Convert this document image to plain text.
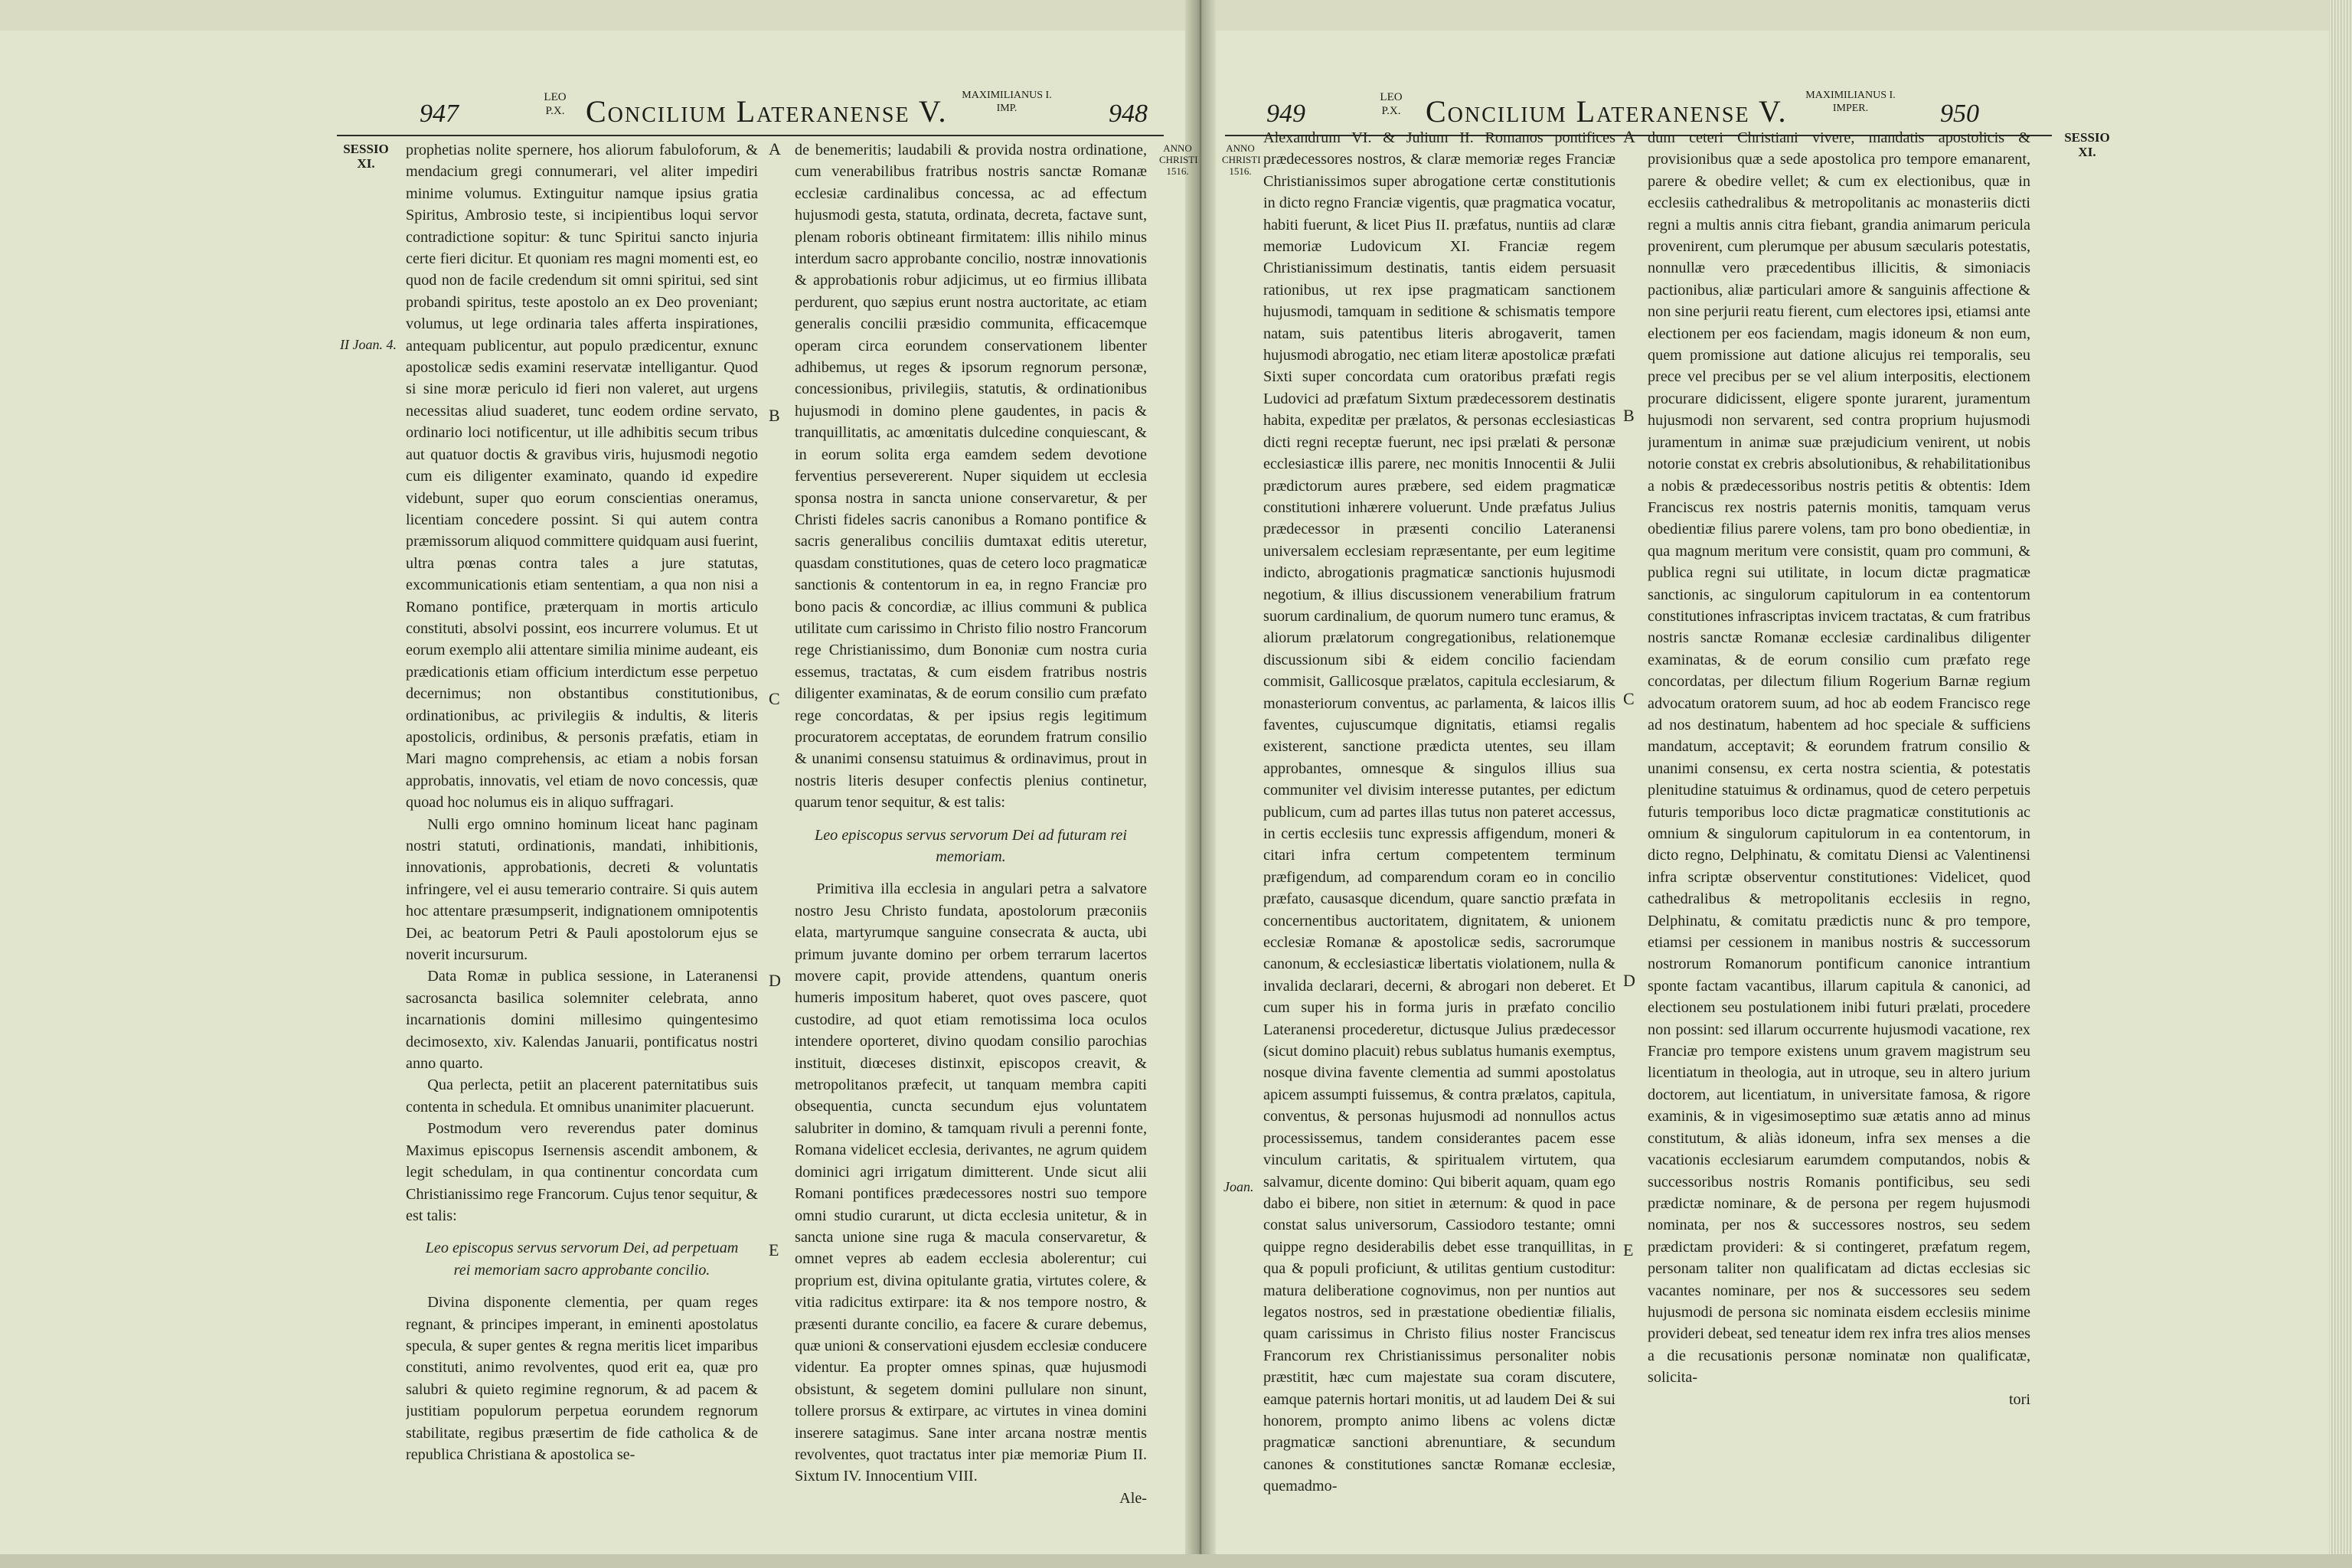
947
LEO
P.X. Concilium Lateranense V.	MAXIMILIANUS I.
IMP.	948
SESSIO
XI.
II Joan. 4.
ANNO
CHRISTI
1516.

prophetias nolite spernere, hos aliorum fabuloforum, & mendacium gregi connumerari, vel aliter impediri minime volumus. Extinguitur namque ipsius gratia Spiritus, Ambrosio teste, si incipientibus loqui servor contradictione sopitur: & tunc Spiritui sancto injuria certe fieri dicitur. Et quoniam res magni momenti est, eo quod non de facile credendum sit omni spiritui, sed sint probandi spiritus, teste apostolo an ex Deo proveniant; volumus, ut lege ordinaria tales afferta inspirationes, antequam publicentur, aut populo prædicentur, exnunc apostolicæ sedis examini reservatæ intelligantur. Quod si sine moræ periculo id fieri non valeret, aut urgens necessitas aliud suaderet, tunc eodem ordine servato, ordinario loci notificentur, ut ille adhibitis secum tribus aut quatuor doctis & gravibus viris, hujusmodi negotio cum eis diligenter examinato, quando id expedire videbunt, super quo eorum conscientias oneramus, licentiam concedere possint. Si qui autem contra præmissorum aliquod committere quidquam ausi fuerint, ultra pœnas contra tales a jure statutas, excommunicationis etiam sententiam, a qua non nisi a Romano pontifice, præterquam in mortis articulo constituti, absolvi possint, eos incurrere volumus. Et ut eorum exemplo alii attentare similia minime audeant, eis prædicationis etiam officium interdictum esse perpetuo decernimus; non obstantibus constitutionibus, ordinationibus, ac privilegiis & indultis, & literis apostolicis, ordinibus, & personis præfatis, etiam in Mari magno comprehensis, ac etiam a nobis forsan approbatis, innovatis, vel etiam de novo concessis, quæ quoad hoc nolumus eis in aliquo suffragari.

Nulli ergo omnino hominum liceat hanc paginam nostri statuti, ordinationis, mandati, inhibitionis, innovationis, approbationis, decreti & voluntatis infringere, vel ei ausu temerario contraire. Si quis autem hoc attentare præsumpserit, indignationem omnipotentis Dei, ac beatorum Petri & Pauli apostolorum ejus se noverit incursurum.

Data Romæ in publica sessione, in Lateranensi sacrosancta basilica solemniter celebrata, anno incarnationis domini millesimo quingentesimo decimosexto, xiv. Kalendas Januarii, pontificatus nostri anno quarto.

Qua perlecta, petiit an placerent paternitatibus suis contenta in schedula. Et omnibus unanimiter placuerunt.

Postmodum vero reverendus pater dominus Maximus episcopus Isernensis ascendit ambonem, & legit schedulam, in qua continentur concordata cum Christianissimo rege Francorum. Cujus tenor sequitur, & est talis:

Leo episcopus servus servorum Dei, ad perpetuam rei memoriam sacro approbante concilio.

Divina disponente clementia, per quam reges regnant, & principes imperant, in eminenti apostolatus specula, & super gentes & regna meritis licet imparibus constituti, animo revolventes, quod erit ea, quæ pro salubri & quieto regimine regnorum, & ad pacem & justitiam populorum perpetua eorundem regnorum stabilitate, regibus præsertim de fide catholica & de republica Christiana & apostolica se-

A
B
C
D
E

de benemeritis; laudabili & provida nostra ordinatione, cum venerabilibus fratribus nostris sanctæ Romanæ ecclesiæ cardinalibus concessa, ac ad effectum hujusmodi gesta, statuta, ordinata, decreta, factave sunt, plenam roboris obtineant firmitatem: illis nihilo minus interdum sacro approbante concilio, nostræ innovationis & approbationis robur adjicimus, ut eo firmius illibata perdurent, quo sæpius erunt nostra auctoritate, ac etiam generalis concilii præsidio communita, efficacemque operam circa eorundem conservationem libenter adhibemus, ut reges & ipsorum regnorum personæ, concessionibus, privilegiis, statutis, & ordinationibus hujusmodi in domino plene gaudentes, in pacis & tranquillitatis, ac amœnitatis dulcedine conquiescant, & in eorum solita erga eamdem sedem devotione ferventius persevererent. Nuper siquidem ut ecclesia sponsa nostra in sancta unione conservaretur, & per Christi fideles sacris canonibus a Romano pontifice & sacris generalibus conciliis dumtaxat editis uteretur, quasdam constitutiones, quas de cetero loco pragmaticæ sanctionis & contentorum in ea, in regno Franciæ pro bono pacis & concordiæ, ac illius communi & publica utilitate cum carissimo in Christo filio nostro Francorum rege Christianissimo, dum Bononiæ cum nostra curia essemus, tractatas, & cum eisdem fratribus nostris diligenter examinatas, & de eorum consilio cum præfato rege concordatas, & per ipsius regis legitimum procuratorem acceptatas, de eorundem fratrum consilio & unanimi consensu statuimus & ordinavimus, prout in nostris literis desuper confectis plenius continetur, quarum tenor sequitur, & est talis:

Leo episcopus servus servorum Dei ad futuram rei memoriam.

Primitiva illa ecclesia in angulari petra a salvatore nostro Jesu Christo fundata, apostolorum præconiis elata, martyrumque sanguine consecrata & aucta, ubi primum juvante domino per orbem terrarum lacertos movere capit, provide attendens, quantum oneris humeris impositum haberet, quot oves pascere, quot custodire, ad quot etiam remotissima loca oculos intendere oporteret, divino quodam consilio parochias instituit, diœceses distinxit, episcopos creavit, & metropolitanos præfecit, ut tanquam membra capiti obsequentia, cuncta secundum ejus voluntatem salubriter in domino, & tamquam rivuli a perenni fonte, Romana videlicet ecclesia, derivantes, ne agrum quidem dominici agri irrigatum dimitterent. Unde sicut alii Romani pontifices prædecessores nostri suo tempore omni studio curarunt, ut dicta ecclesia unitetur, & in sancta unione sine ruga & macula conservaretur, & omnet vepres ab eadem ecclesia abolerentur; cui proprium est, divina opitulante gratia, virtutes colere, & vitia radicitus extirpare: ita & nos tempore nostro, & præsenti durante concilio, ea facere & curare debemus, quæ unioni & conservationi ejusdem ecclesiæ conducere videntur. Ea propter omnes spinas, quæ hujusmodi obsistunt, & segetem domini pullulare non sinunt, tollere prorsus & extirpare, ac virtutes in vinea domini inserere satagimus. Sane inter arcana nostræ mentis revolventes, quot tractatus inter piæ memoriæ Pium II. Sixtum IV. Innocentium VIII.

Ale-

949
LEO
P.X. Concilium Lateranense V.	MAXIMILIANUS I.
IMPER.	950
ANNO
CHRISTI
1516.
Joan.
SESSIO
XI.

Alexandrum VI. & Julium II. Romanos pontifices prædecessores nostros, & claræ memoriæ reges Franciæ Christianissimos super abrogatione certæ constitutionis in dicto regno Franciæ vigentis, quæ pragmatica vocatur, habiti fuerunt, & licet Pius II. præfatus, nuntiis ad claræ memoriæ Ludovicum XI. Franciæ regem Christianissimum destinatis, tantis eidem persuasit rationibus, ut rex ipse pragmaticam sanctionem hujusmodi, tamquam in seditione & schismatis tempore natam, suis patentibus literis abrogaverit, tamen hujusmodi abrogatio, nec etiam literæ apostolicæ præfati Sixti super concordata cum oratoribus præfati regis Ludovici ad præfatum Sixtum prædecessorem destinatis habita, expeditæ per prælatos, & personas ecclesiasticas dicti regni receptæ fuerunt, nec ipsi prælati & personæ ecclesiasticæ illis parere, nec monitis Innocentii & Julii prædictorum aures præbere, sed eidem pragmaticæ constitutioni inhærere voluerunt. Unde præfatus Julius prædecessor in præsenti concilio Lateranensi universalem ecclesiam repræsentante, per eum legitime indicto, abrogationis pragmaticæ sanctionis hujusmodi negotium, & illius discussionem venerabilium fratrum suorum cardinalium, de quorum numero tunc eramus, & aliorum prælatorum congregationibus, relationemque discussionum sibi & eidem concilio faciendam commisit, Gallicosque prælatos, capitula ecclesiarum, & monasteriorum conventus, ac parlamenta, & laicos illis faventes, cujuscumque dignitatis, etiamsi regalis existerent, sanctione prædicta utentes, seu illam approbantes, omnesque & singulos illius sua communiter vel divisim interesse putantes, per edictum publicum, cum ad partes illas tutus non pateret accessus, in certis ecclesiis tunc expressis affigendum, moneri & citari infra certum competentem terminum præfigendum, ad comparendum coram eo in concilio præfato, causasque dicendum, quare sanctio præfata in concernentibus auctoritatem, dignitatem, & unionem ecclesiæ Romanæ & apostolicæ sedis, sacrorumque canonum, & ecclesiasticæ libertatis violationem, nulla & invalida declarari, decerni, & abrogari non deberet. Et cum super his in forma juris in præfato concilio Lateranensi procederetur, dictusque Julius prædecessor (sicut domino placuit) rebus sublatus humanis exemptus, nosque divina favente clementia ad summi apostolatus apicem assumpti fuissemus, & contra prælatos, capitula, conventus, & personas hujusmodi ad nonnullos actus processissemus, tandem considerantes pacem esse vinculum caritatis, & spiritualem virtutem, qua salvamur, dicente domino: Qui biberit aquam, quam ego dabo ei bibere, non sitiet in æternum: & quod in pace constat salus universorum, Cassiodoro testante; omni quippe regno desiderabilis debet esse tranquillitas, in qua & populi proficiunt, & utilitas gentium custoditur: matura deliberatione cognovimus, non per nuntios aut legatos nostros, sed in præstatione obedientiæ filialis, quam carissimus in Christo filius noster Franciscus Francorum rex Christianissimus personaliter nobis præstitit, hæc cum majestate sua coram discutere, eamque paternis hortari monitis, ut ad laudem Dei & sui honorem, prompto animo libens ac volens dictæ pragmaticæ sanctioni abrenuntiare, & secundum canones & constitutiones sanctæ Romanæ ecclesiæ, quemadmo-

A
B
C
D
E

dum ceteri Christiani vivere, mandatis apostolicis & provisionibus quæ a sede apostolica pro tempore emanarent, parere & obedire vellet; & cum ex electionibus, quæ in ecclesiis cathedralibus & metropolitanis ac monasteriis dicti regni a multis annis citra fiebant, grandia animarum pericula provenirent, cum plerumque per abusum sæcularis potestatis, nonnullæ vero præcedentibus illicitis, & simoniacis pactionibus, aliæ particulari amore & sanguinis affectione & non sine perjurii reatu fierent, cum electores ipsi, etiamsi ante electionem per eos faciendam, magis idoneum & non eum, quem promissione aut datione alicujus rei temporalis, seu prece vel precibus per se vel alium interpositis, electionem procurare didicissent, eligere sponte jurarent, juramentum hujusmodi non servarent, sed contra proprium hujusmodi juramentum in animæ suæ præjudicium venirent, ut nobis notorie constat ex crebris absolutionibus, & rehabilitationibus a nobis & prædecessoribus nostris petitis & obtentis: Idem Franciscus rex nostris paternis monitis, tamquam verus obedientiæ filius parere volens, tam pro bono obedientiæ, in qua magnum meritum vere consistit, quam pro communi, & publica regni sui utilitate, in locum dictæ pragmaticæ sanctionis, ac singulorum capitulorum in ea contentorum constitutiones infrascriptas invicem tractatas, & cum fratribus nostris sanctæ Romanæ ecclesiæ cardinalibus diligenter examinatas, & de eorum consilio cum præfato rege concordatas, per dilectum filium Rogerium Barnæ regium advocatum oratorem suum, ad hoc ab eodem Francisco rege ad nos destinatum, habentem ad hoc speciale & sufficiens mandatum, acceptavit; & eorundem fratrum consilio & unanimi consensu, ex certa nostra scientia, & potestatis plenitudine statuimus & ordinamus, quod de cetero perpetuis futuris temporibus loco dictæ pragmaticæ constitutionis ac omnium & singulorum capitulorum in ea contentorum, in dicto regno, Delphinatu, & comitatu Diensi ac Valentinensi infra scriptæ observentur constitutiones: Videlicet, quod cathedralibus & metropolitanis ecclesiis in regno, Delphinatu, & comitatu prædictis nunc & pro tempore, etiamsi per cessionem in manibus nostris & successorum nostrorum Romanorum pontificum canonice intrantium sponte factam vacantibus, illarum capitula & canonici, ad electionem seu postulationem inibi futuri prælati, procedere non possint: sed illarum occurrente hujusmodi vacatione, rex Franciæ pro tempore existens unum gravem magistrum seu licentiatum in theologia, aut in utroque, seu in altero jurium doctorem, aut licentiatum, in universitate famosa, & rigore examinis, & in vigesimoseptimo suæ ætatis anno ad minus constitutum, & aliàs idoneum, infra sex menses a die vacationis ecclesiarum earumdem computandos, nobis & successoribus nostris Romanis pontificibus, seu sedi prædictæ nominare, & de persona per regem hujusmodi nominata, per nos & successores nostros, seu sedem prædictam provideri: & si contingeret, præfatum regem, personam taliter non qualificatam ad dictas ecclesias sic vacantes nominare, per nos & successores seu sedem hujusmodi de persona sic nominata eisdem ecclesiis minime provideri debeat, sed teneatur idem rex infra tres alios menses a die recusationis personæ nominatæ non qualificatæ, solicita-

tori
